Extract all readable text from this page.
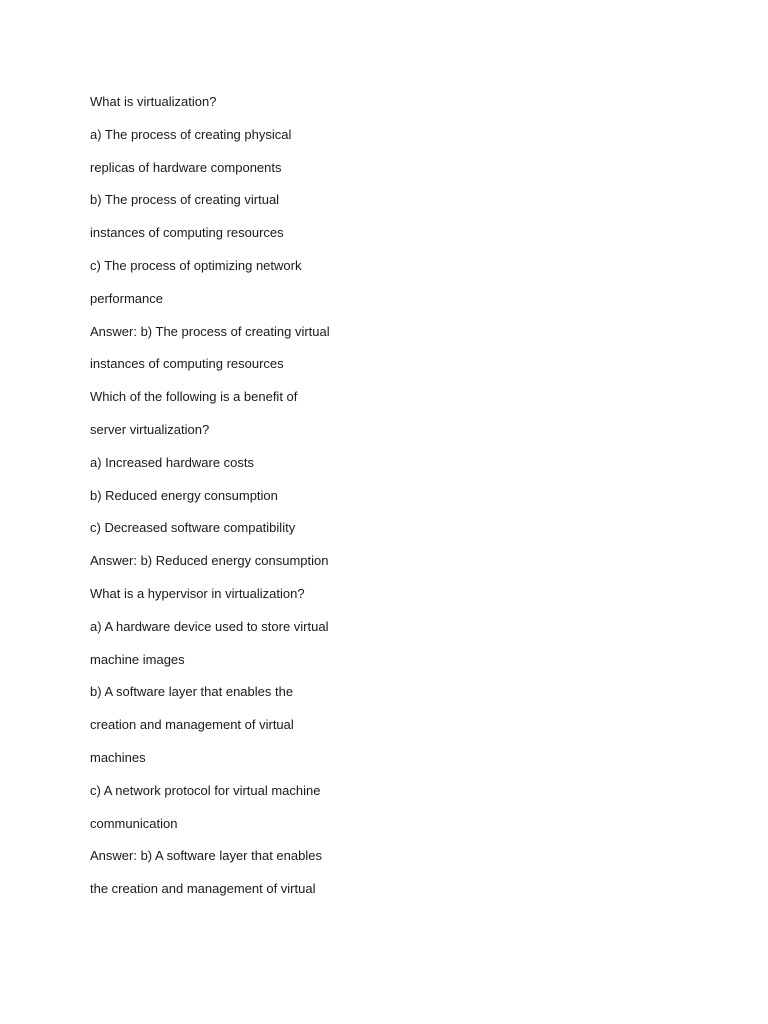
What is virtualization?
a) The process of creating physical
replicas of hardware components
b) The process of creating virtual
instances of computing resources
c) The process of optimizing network
performance
Answer: b) The process of creating virtual
instances of computing resources
Which of the following is a benefit of
server virtualization?
a) Increased hardware costs
b) Reduced energy consumption
c) Decreased software compatibility
Answer: b) Reduced energy consumption
What is a hypervisor in virtualization?
a) A hardware device used to store virtual
machine images
b) A software layer that enables the
creation and management of virtual
machines
c) A network protocol for virtual machine
communication
Answer: b) A software layer that enables
the creation and management of virtual
